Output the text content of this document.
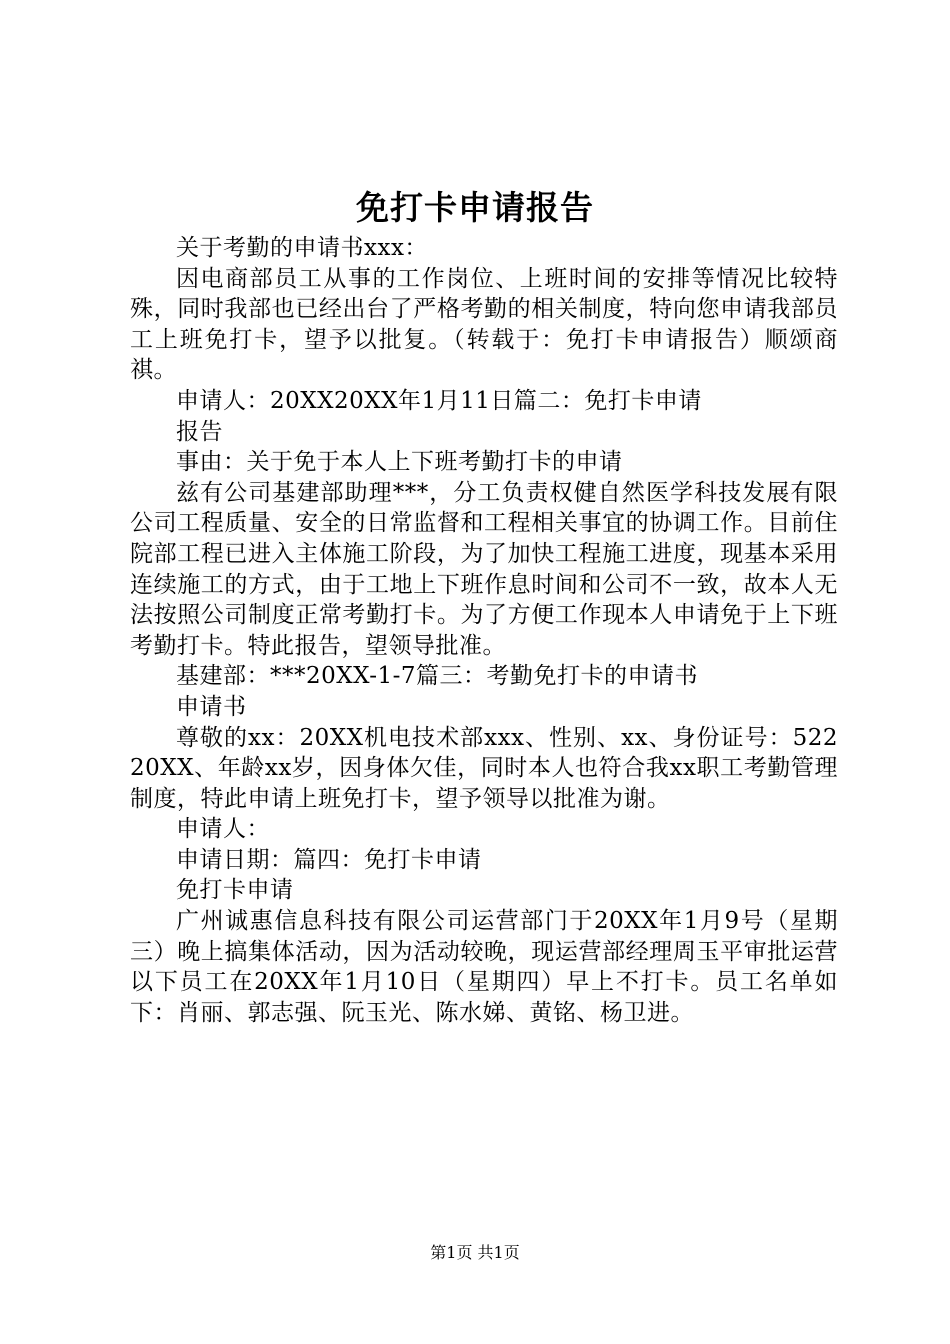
免打卡申请报告

关于考勤的申请书xxx：

因电商部员工从事的工作岗位、上班时间的安排等情况比较特殊，同时我部也已经出台了严格考勤的相关制度，特向您申请我部员工上班免打卡，望予以批复。（转载于：免打卡申请报告）顺颂商祺。

申请人：20XX20XX年1月11日篇二：免打卡申请

报告

事由：关于免于本人上下班考勤打卡的申请

兹有公司基建部助理***，分工负责权健自然医学科技发展有限公司工程质量、安全的日常监督和工程相关事宜的协调工作。目前住院部工程已进入主体施工阶段，为了加快工程施工进度，现基本采用连续施工的方式，由于工地上下班作息时间和公司不一致，故本人无法按照公司制度正常考勤打卡。为了方便工作现本人申请免于上下班考勤打卡。特此报告，望领导批准。

基建部：***20XX-1-7篇三：考勤免打卡的申请书

申请书

尊敬的xx：20XX机电技术部xxx、性别、xx、身份证号：52220XX、年龄xx岁，因身体欠佳，同时本人也符合我xx职工考勤管理制度，特此申请上班免打卡，望予领导以批准为谢。

申请人：

申请日期：篇四：免打卡申请

免打卡申请

广州诚惠信息科技有限公司运营部门于20XX年1月9号（星期三）晚上搞集体活动，因为活动较晚，现运营部经理周玉平审批运营以下员工在20XX年1月10日（星期四）早上不打卡。员工名单如下：肖丽、郭志强、阮玉光、陈水娣、黄铭、杨卫进。

第1页 共1页
